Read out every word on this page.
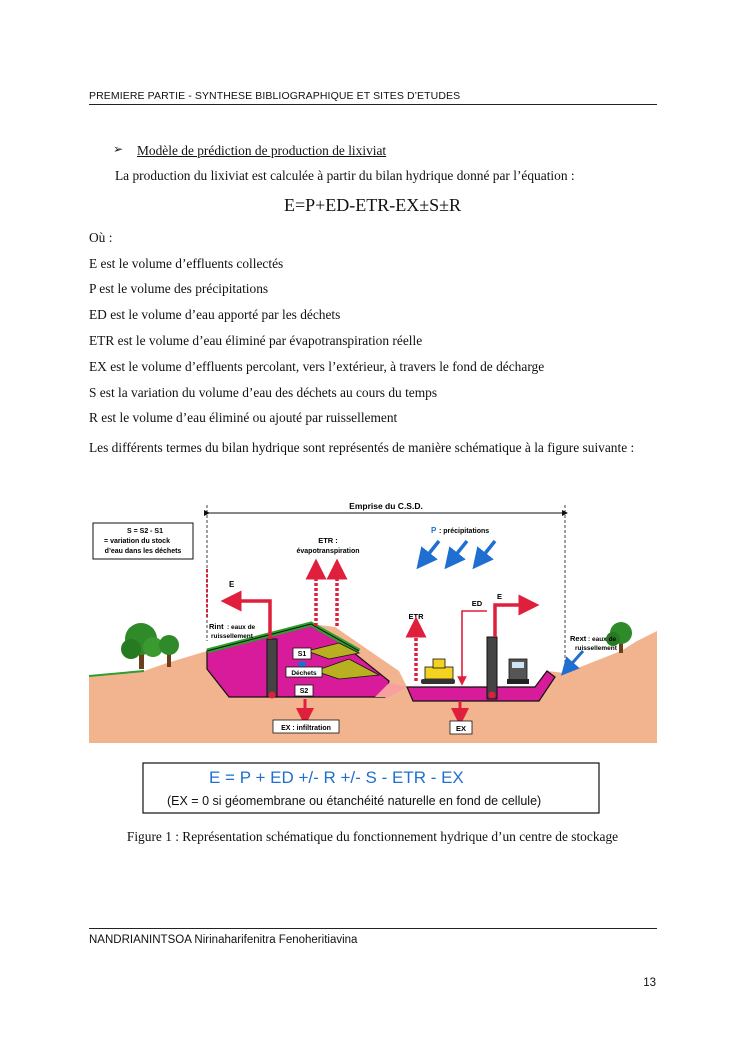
PREMIERE PARTIE - SYNTHESE BIBLIOGRAPHIQUE ET SITES D’ETUDES
➢ Modèle de prédiction de production de lixiviat
La production du lixiviat est calculée à partir du bilan hydrique donné par l’équation :
E=P+ED-ETR-EX±S±R
Où :
E est le volume d’effluents collectés
P est le volume des précipitations
ED est le volume d’eau apporté par les déchets
ETR est le volume d’eau éliminé par évapotranspiration réelle
EX est le volume d’effluents percolant, vers l’extérieur, à travers le fond de décharge
S est la variation du volume d’eau des déchets au cours du temps
R est le volume d’eau éliminé ou ajouté par ruissellement
Les différents termes du bilan hydrique sont représentés de manière schématique à la figure suivante :
Emprise du C.S.D.
S = S2 - S1
= variation du stock
d’eau dans les déchets
ETR :
évapotranspiration
P : précipitations
E
Rint : eaux de
ruissellement
ETR
ED
E
Rext : eaux de
ruissellement
S1
Déchets
S2
EX : infiltration	EX
E = P + ED +/- R +/- S - ETR - EX
(EX = 0 si géomembrane ou étanchéité naturelle en fond de cellule)
Figure 1 : Représentation schématique du fonctionnement hydrique d’un centre de stockage
NANDRIANINTSOA Nirinaharifenitra Fenoheritiavina
13
